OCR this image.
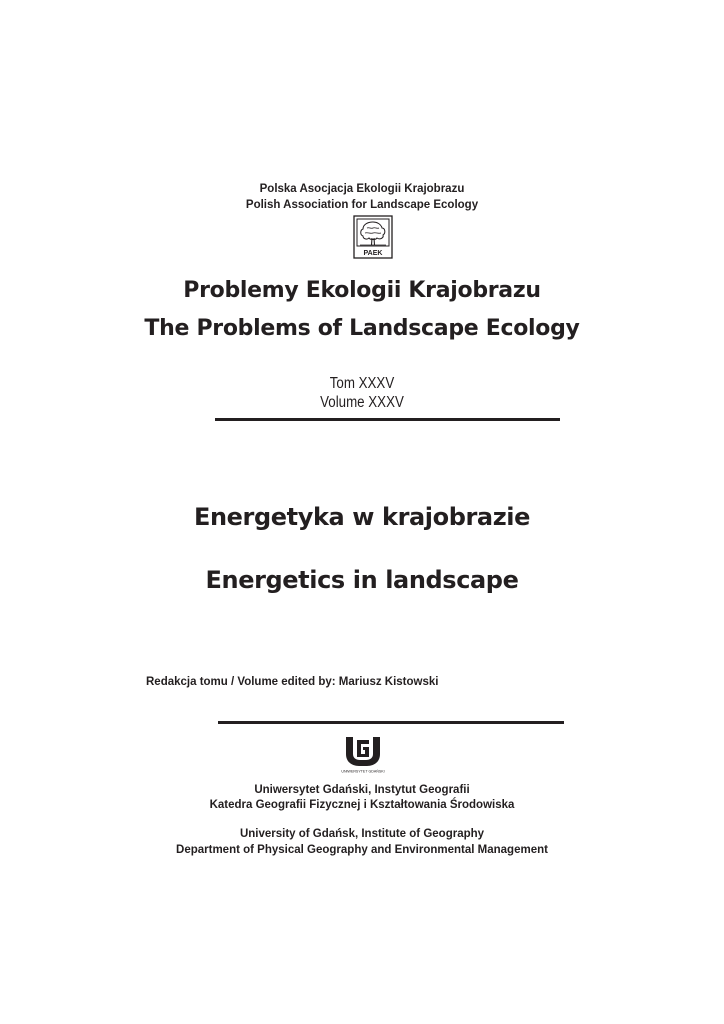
Polska Asocjacja Ekologii Krajobrazu
Polish Association for Landscape Ecology
PAEK
Problemy Ekologii Krajobrazu
The Problems of Landscape Ecology
Tom XXXV
Volume XXXV
Energetyka w krajobrazie
Energetics in landscape
Redakcja tomu / Volume edited by: Mariusz Kistowski
UNIWERSYTET GDAŃSKI
Uniwersytet Gdański, Instytut Geografii
Katedra Geografii Fizycznej i Kształtowania Środowiska
University of Gdańsk, Institute of Geography
Department of Physical Geography and Environmental Management
